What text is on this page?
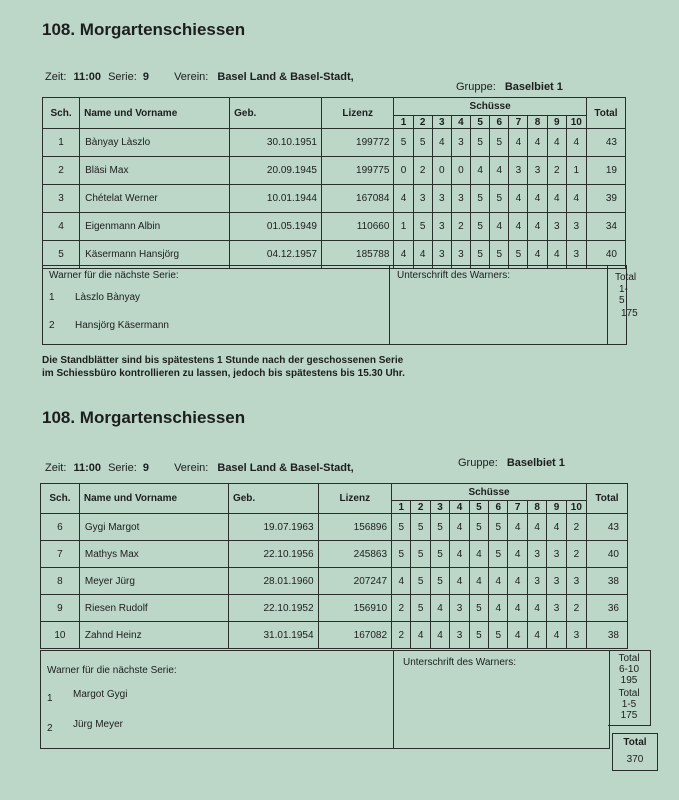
108. Morgartenschiessen
Zeit: 11:00 Serie: 9 Verein: Basel Land & Basel-Stadt,
Gruppe: Baselbiet 1
Sch.	Name und Vorname	Geb.	Lizenz	Schüsse										Total
				1	2	3	4	5	6	7	8	9	10	
1	Bànyay Làszlo	30.10.1951	199772	5	5	4	3	5	5	4	4	4	4	43
2	Bläsi Max	20.09.1945	199775	0	2	0	0	4	4	3	3	2	1	19
3	Chételat Werner	10.01.1944	167084	4	3	3	3	5	5	4	4	4	4	39
4	Eigenmann Albin	01.05.1949	110660	1	5	3	2	5	4	4	4	3	3	34
5	Käsermann Hansjörg	04.12.1957	185788	4	4	3	3	5	5	5	4	4	3	40
Warner für die nächste Serie:
1 Làszlo Bànyay
2 Hansjörg Käsermann
Unterschrift des Warners:	Total
1-5
175
Die Standblätter sind bis spätestens 1 Stunde nach der geschossenen Serie
im Schiessbüro kontrollieren zu lassen, jedoch bis spätestens bis 15.30 Uhr.
108. Morgartenschiessen
Zeit: 11:00 Serie: 9 Verein: Basel Land & Basel-Stadt,	Gruppe: Baselbiet 1
Sch.	Name und Vorname	Geb.	Lizenz	Schüsse										Total
				1	2	3	4	5	6	7	8	9	10	
6	Gygi Margot	19.07.1963	156896	5	5	5	4	5	5	4	4	4	2	43
7	Mathys Max	22.10.1956	245863	5	5	5	4	4	5	4	3	3	2	40
8	Meyer Jürg	28.01.1960	207247	4	5	5	4	4	4	4	3	3	3	38
9	Riesen Rudolf	22.10.1952	156910	2	5	4	3	5	4	4	4	3	2	36
10	Zahnd Heinz	31.01.1954	167082	2	4	4	3	5	5	4	4	4	3	38
Warner für die nächste Serie:
1 Margot Gygi
2 Jürg Meyer
Unterschrift des Warners:	Total
6-10
195
Total
1-5
175
Total
370
